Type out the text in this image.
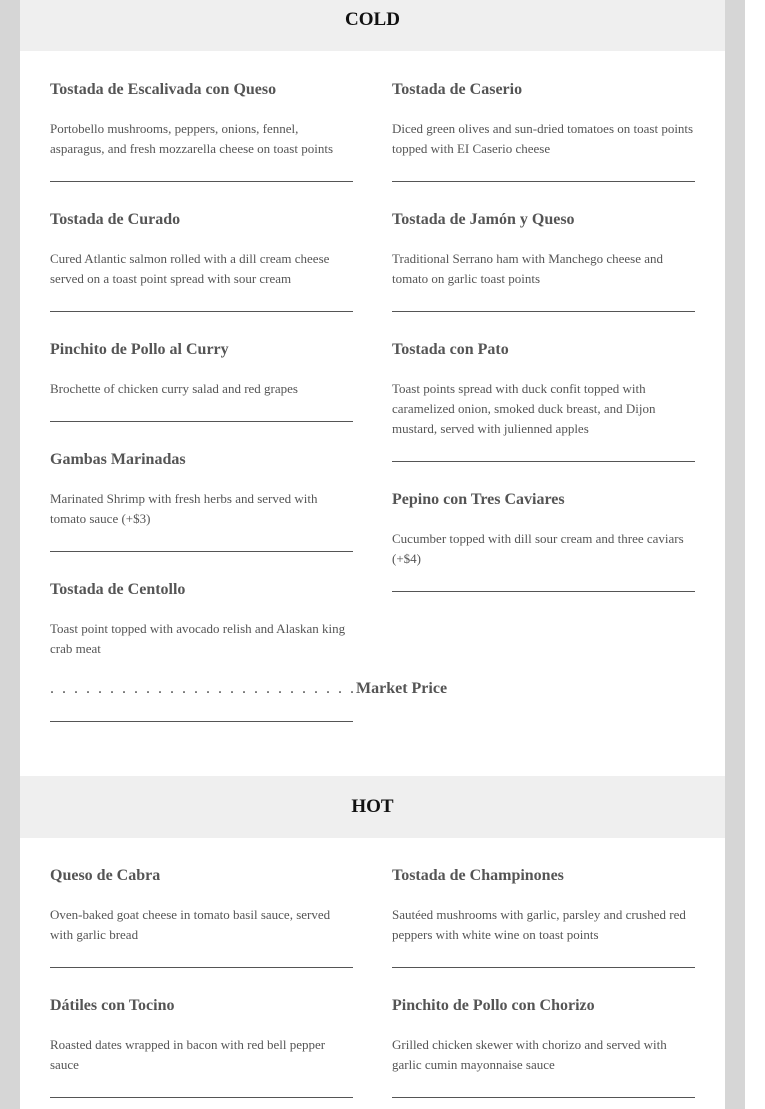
COLD
Tostada de Escalivada con Queso

Portobello mushrooms, peppers, onions, fennel, asparagus, and fresh mozzarella cheese on toast points

Tostada de Curado

Cured Atlantic salmon rolled with a dill cream cheese served on a toast point spread with sour cream

Pinchito de Pollo al Curry

Brochette of chicken curry salad and red grapes

Gambas Marinadas

Marinated Shrimp with fresh herbs and served with tomato sauce (+$3)

Tostada de Centollo

Toast point topped with avocado relish and Alaskan king crab meat

. . . . . . . . . . . . . . . . . . . . . . . . . . Market Price
Tostada de Caserio

Diced green olives and sun-dried tomatoes on toast points topped with EI Caserio cheese

Tostada de Jamón y Queso

Traditional Serrano ham with Manchego cheese and tomato on garlic toast points

Tostada con Pato

Toast points spread with duck confit topped with caramelized onion, smoked duck breast, and Dijon mustard, served with julienned apples

Pepino con Tres Caviares

Cucumber topped with dill sour cream and three caviars (+$4)

HOT
Queso de Cabra

Oven-baked goat cheese in tomato basil sauce, served with garlic bread

Dátiles con Tocino

Roasted dates wrapped in bacon with red bell pepper sauce

Tostada de Champinones

Sautéed mushrooms with garlic, parsley and crushed red peppers with white wine on toast points

Pinchito de Pollo con Chorizo

Grilled chicken skewer with chorizo and served with garlic cumin mayonnaise sauce
